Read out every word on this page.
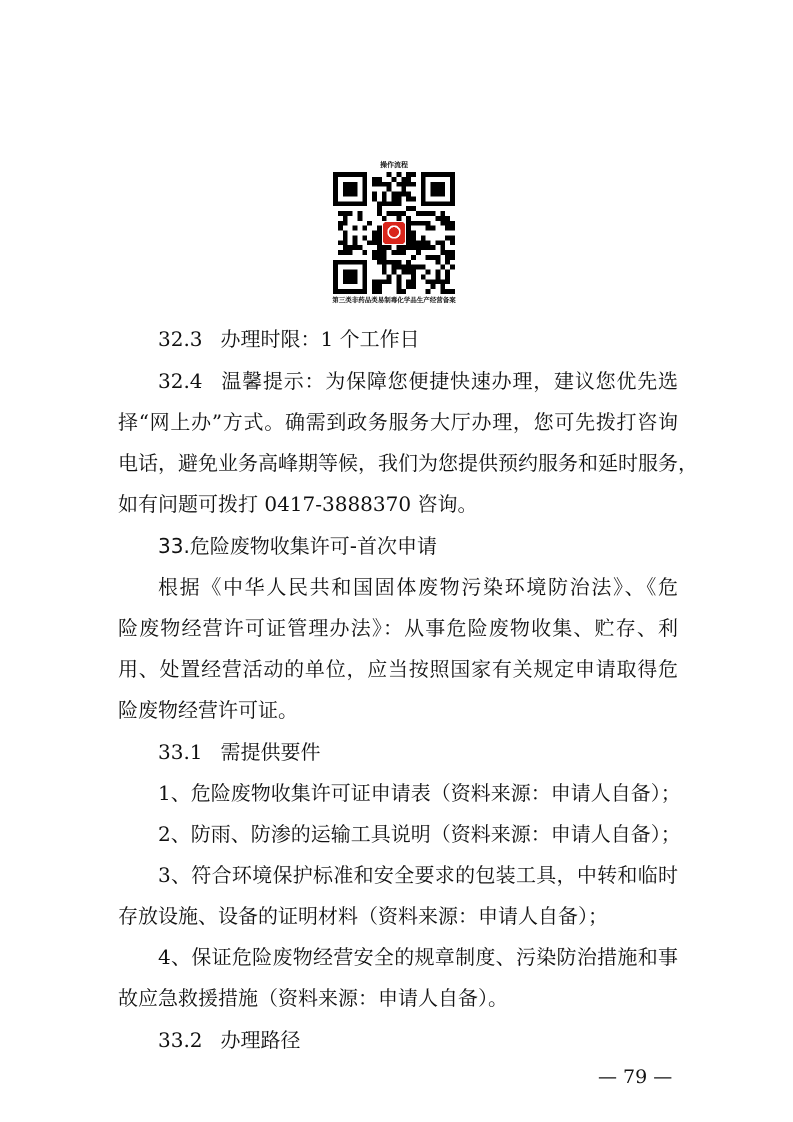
操作流程
第三类非药品类易制毒化学品生产经营备案
32.3 办理时限：1 个工作日
32.4 温馨提示：为保障您便捷快速办理，建议您优先选
择“网上办”方式。确需到政务服务大厅办理，您可先拨打咨询
电话，避免业务高峰期等候，我们为您提供预约服务和延时服务，
如有问题可拨打 0417-3888370 咨询。
33.危险废物收集许可-首次申请
根据《中华人民共和国固体废物污染环境防治法》、《危
险废物经营许可证管理办法》：从事危险废物收集、贮存、利
用、处置经营活动的单位，应当按照国家有关规定申请取得危
险废物经营许可证。
33.1 需提供要件
1、危险废物收集许可证申请表（资料来源：申请人自备）；
2、防雨、防渗的运输工具说明（资料来源：申请人自备）；
3、符合环境保护标准和安全要求的包装工具，中转和临时
存放设施、设备的证明材料（资料来源：申请人自备）；
4、保证危险废物经营安全的规章制度、污染防治措施和事
故应急救援措施（资料来源：申请人自备）。
33.2 办理路径
— 79 —
